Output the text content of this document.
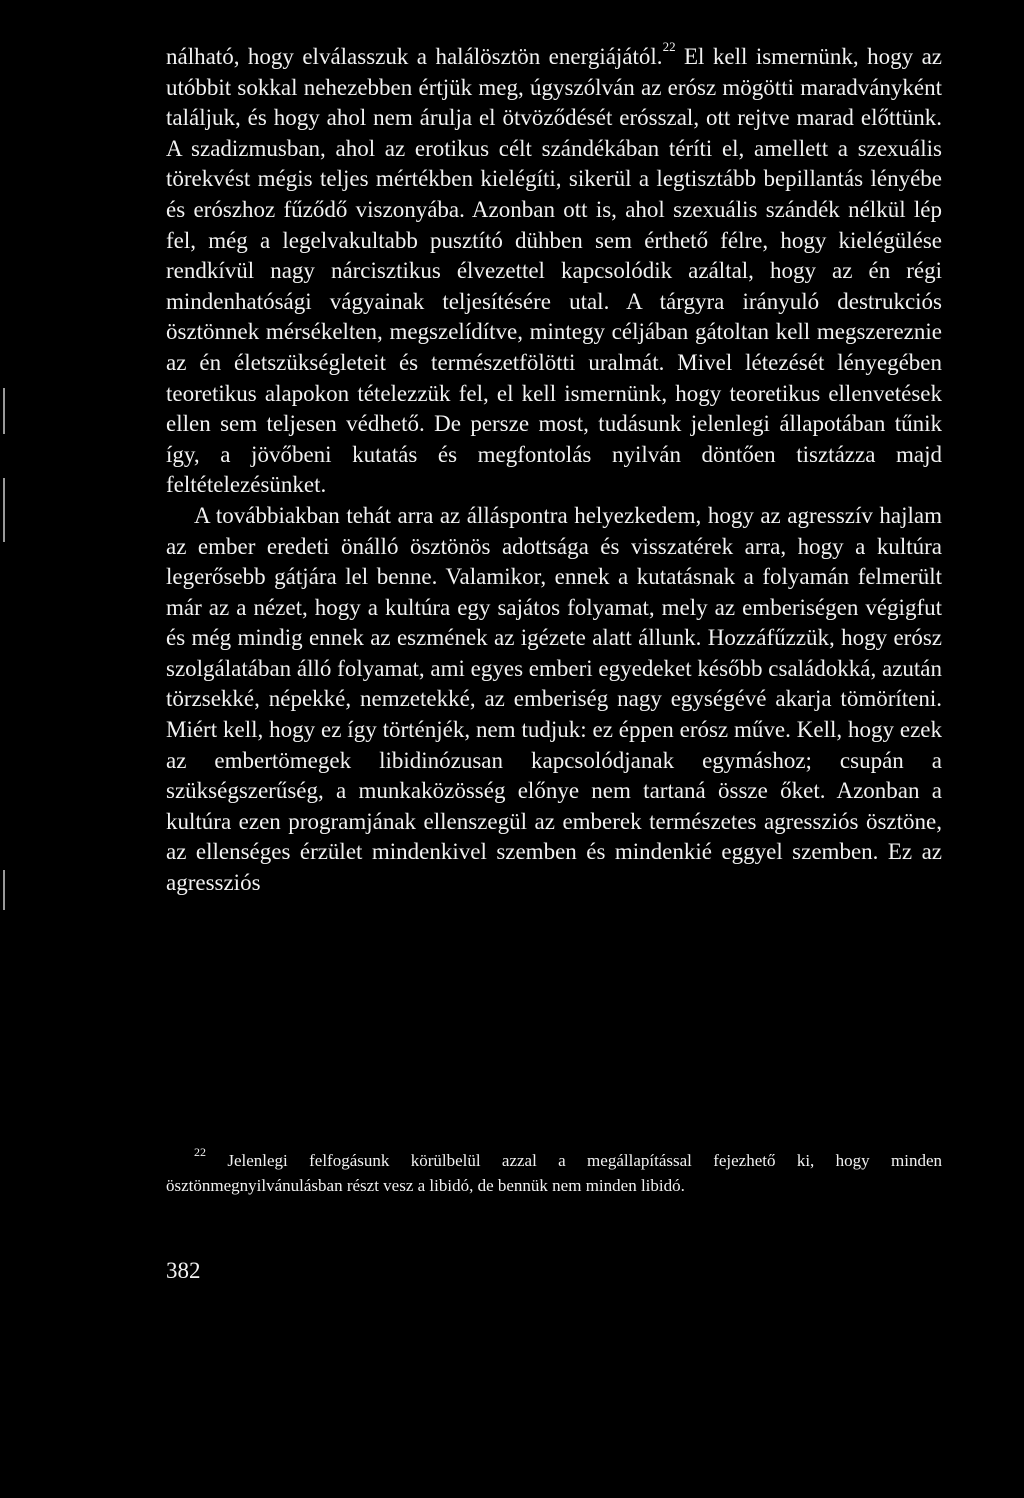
nálható, hogy elválasszuk a halálösztön energiájától.$^{22}$ El kell ismernünk, hogy az utóbbit sokkal nehezebben értjük meg, úgyszólván az erósz mögötti maradványként találjuk, és hogy ahol nem árulja el ötvöződését erósszal, ott rejtve marad előttünk. A szadizmusban, ahol az erotikus célt szándékában téríti el, amellett a szexuális törekvést mégis teljes mértékben kielégíti, sikerül a legtisztább bepillantás lényébe és erószhoz fűződő viszonyába. Azonban ott is, ahol szexuális szándék nélkül lép fel, még a legelvakultabb pusztító dühben sem érthető félre, hogy kielégülése rendkívül nagy nárcisztikus élvezettel kapcsolódik azáltal, hogy az én régi mindenhatósági vágyainak teljesítésére utal. A tárgyra irányuló destrukciós ösztönnek mérsékelten, megszelídítve, mintegy céljában gátoltan kell megszereznie az én életszükségleteit és természetfölötti uralmát. Mivel létezését lényegében teoretikus alapokon tételezzük fel, el kell ismernünk, hogy teoretikus ellenvetések ellen sem teljesen védhető. De persze most, tudásunk jelenlegi állapotában tűnik így, a jövőbeni kutatás és megfontolás nyilván döntően tisztázza majd feltételezésünket.

A továbbiakban tehát arra az álláspontra helyezkedem, hogy az agresszív hajlam az ember eredeti önálló ösztönös adottsága és visszatérek arra, hogy a kultúra legerősebb gátjára lel benne. Valamikor, ennek a kutatásnak a folyamán felmerült már az a nézet, hogy a kultúra egy sajátos folyamat, mely az emberiségen végigfut és még mindig ennek az eszmének az igézete alatt állunk. Hozzáfűzzük, hogy erósz szolgálatában álló folyamat, ami egyes emberi egyedeket később családokká, azután törzsekké, népekké, nemzetekké, az emberiség nagy egységévé akarja tömöríteni. Miért kell, hogy ez így történjék, nem tudjuk: ez éppen erósz műve. Kell, hogy ezek az embertömegek libidinózusan kapcsolódjanak egymáshoz; csupán a szükségszerűség, a munkaközösség előnye nem tartaná össze őket. Azonban a kultúra ezen programjának ellenszegül az emberek természetes agressziós ösztöne, az ellenséges érzület mindenkivel szemben és mindenkié eggyel szemben. Ez az agressziós

$^{22}$ Jelenlegi felfogásunk körülbelül azzal a megállapítással fejezhető ki, hogy minden ösztönmegnyilvánulásban részt vesz a libidó, de bennük nem minden libidó.

382
